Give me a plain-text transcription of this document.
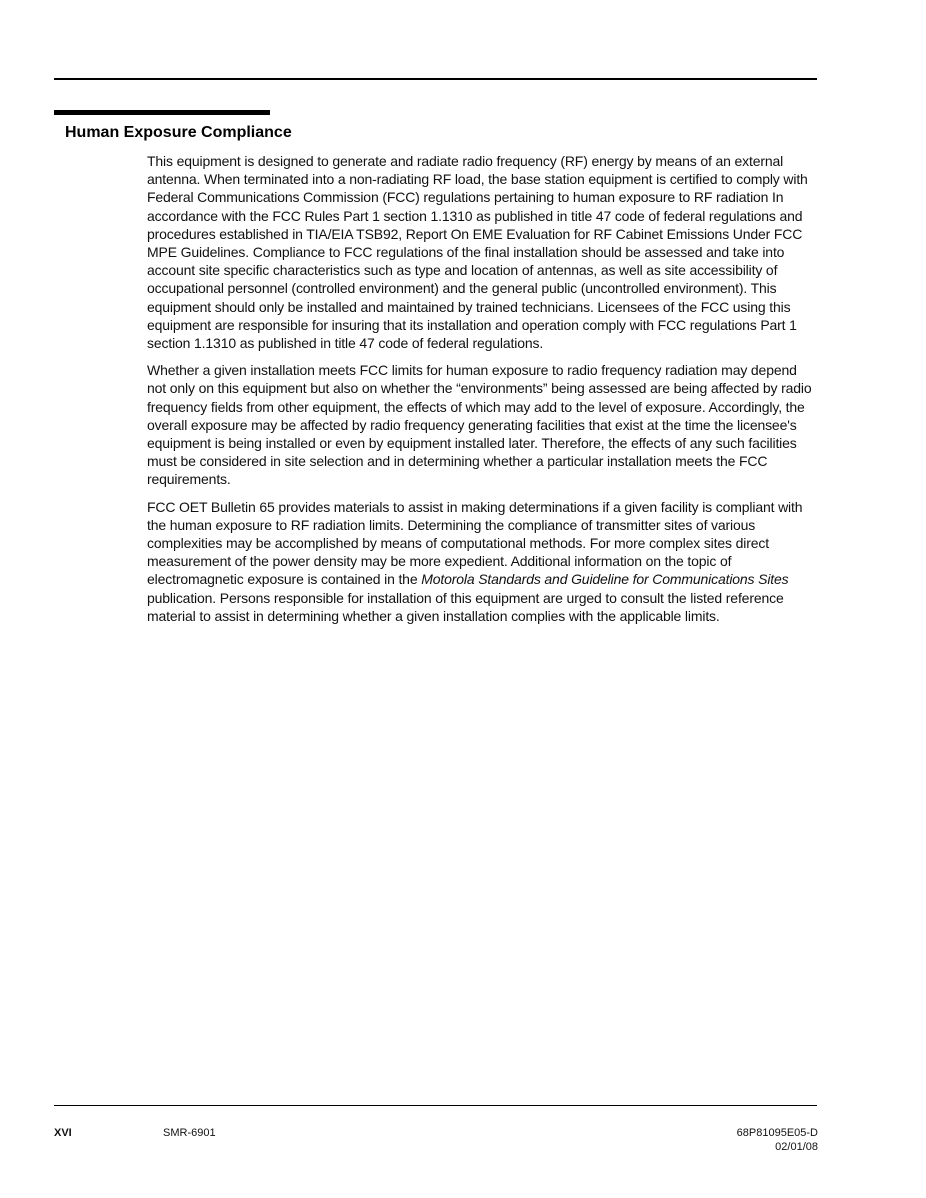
Human Exposure Compliance

This equipment is designed to generate and radiate radio frequency (RF) energy by means of an external antenna. When terminated into a non-radiating RF load, the base station equipment is certified to comply with Federal Communications Commission (FCC) regulations pertaining to human exposure to RF radiation In accordance with the FCC Rules Part 1 section 1.1310 as published in title 47 code of federal regulations and procedures established in TIA/EIA TSB92, Report On EME Evaluation for RF Cabinet Emissions Under FCC MPE Guidelines. Compliance to FCC regulations of the final installation should be assessed and take into account site specific characteristics such as type and location of antennas, as well as site accessibility of occupational personnel (controlled environment) and the general public (uncontrolled environment). This equipment should only be installed and maintained by trained technicians. Licensees of the FCC using this equipment are responsible for insuring that its installation and operation comply with FCC regulations Part 1 section 1.1310 as published in title 47 code of federal regulations.

Whether a given installation meets FCC limits for human exposure to radio frequency radiation may depend not only on this equipment but also on whether the “environments” being assessed are being affected by radio frequency fields from other equipment, the effects of which may add to the level of exposure. Accordingly, the overall exposure may be affected by radio frequency generating facilities that exist at the time the licensee's equipment is being installed or even by equipment installed later. Therefore, the effects of any such facilities must be considered in site selection and in determining whether a particular installation meets the FCC requirements.

FCC OET Bulletin 65 provides materials to assist in making determinations if a given facility is compliant with the human exposure to RF radiation limits. Determining the compliance of transmitter sites of various complexities may be accomplished by means of computational methods. For more complex sites direct measurement of the power density may be more expedient. Additional information on the topic of electromagnetic exposure is contained in the Motorola Standards and Guideline for Communications Sites publication. Persons responsible for installation of this equipment are urged to consult the listed reference material to assist in determining whether a given installation complies with the applicable limits.

XVI	SMR-6901	68P81095E05-D
02/01/08
